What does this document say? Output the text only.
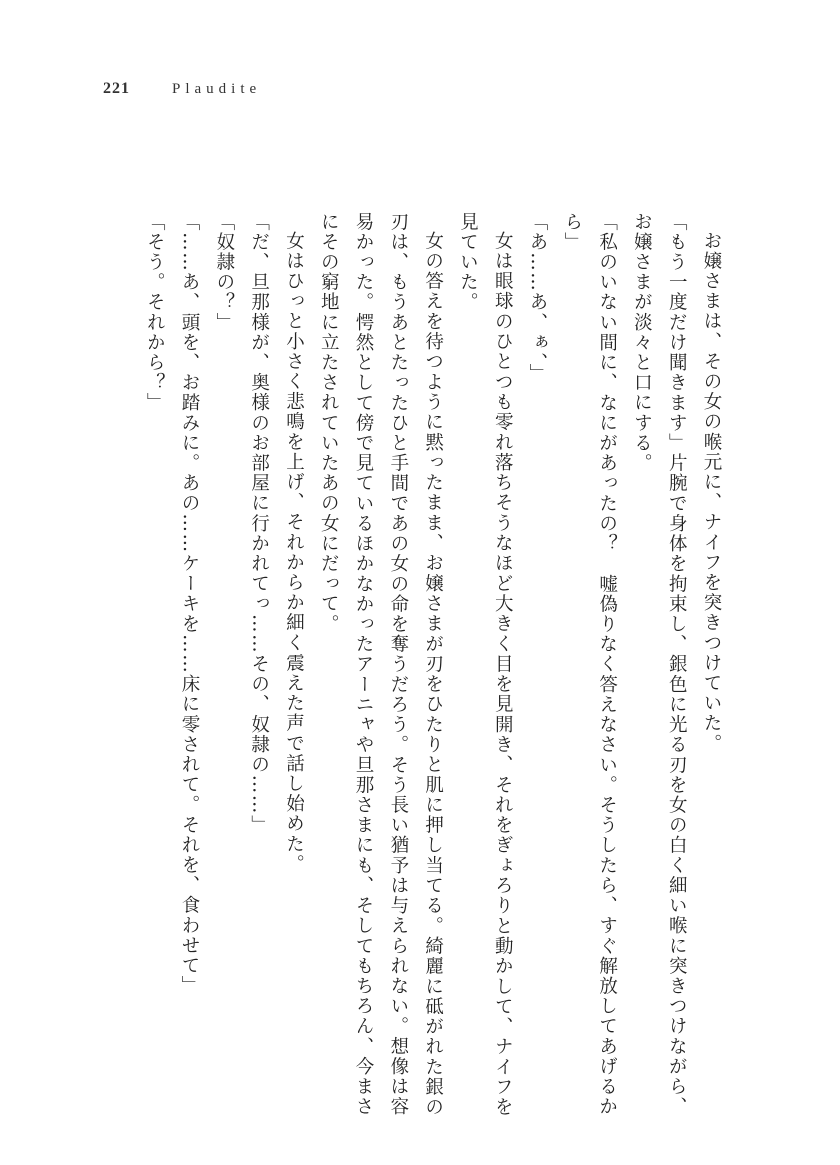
221	Plaudite

お嬢さまは、その女の喉元に、ナイフを突きつけていた。

「もう一度だけ聞きます」片腕で身体を拘束し、銀色に光る刃を女の白く細い喉に突きつけながら、お嬢さまが淡々と口にする。

「私のいない間に、なにがあったの？　嘘偽りなく答えなさい。そうしたら、すぐ解放してあげるから」

「あ……あ、ぁ、」

女は眼球のひとつも零れ落ちそうなほど大きく目を見開き、それをぎょろりと動かして、ナイフを見ていた。

女の答えを待つように黙ったまま、お嬢さまが刃をひたりと肌に押し当てる。綺麗に砥がれた銀の刃は、もうあとたったひと手間であの女の命を奪うだろう。そう長い猶予は与えられない。想像は容易かった。愕然として傍で見ているほかなかったアーニャや旦那さまにも、そしてもちろん、今まさにその窮地に立たされていたあの女にだって。

女はひっと小さく悲鳴を上げ、それからか細く震えた声で話し始めた。

「だ、旦那様が、奥様のお部屋に行かれてっ……その、奴隷の……」

「奴隷の？」

「……あ、頭を、お踏みに。あの……ケーキを……床に零されて。それを、食わせて」

「そう。それから？」
